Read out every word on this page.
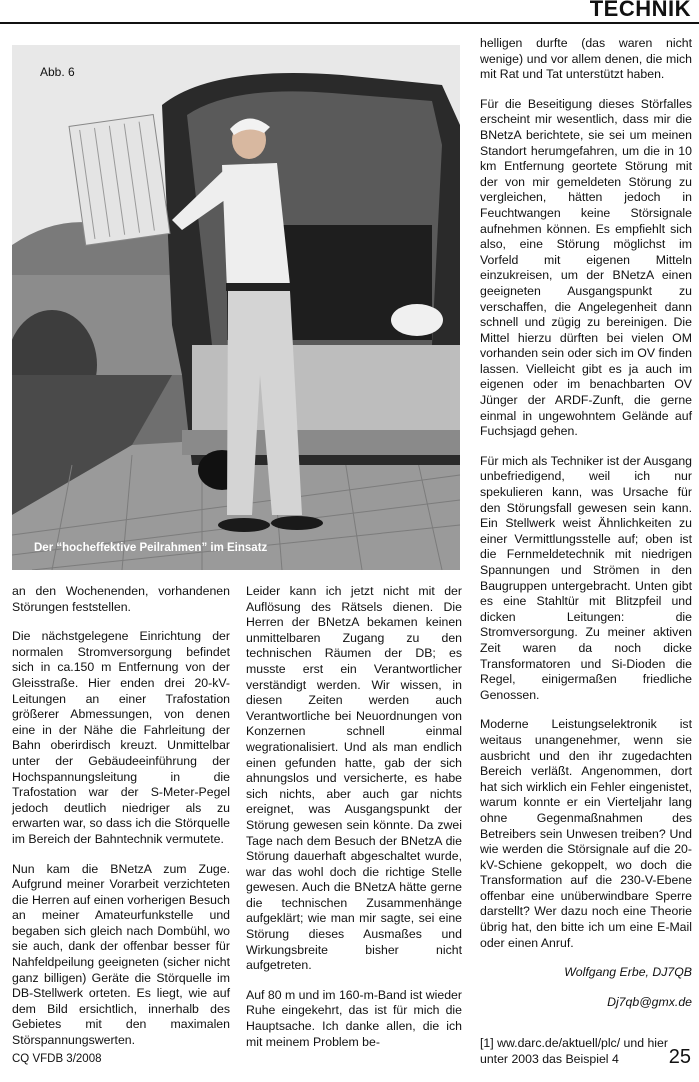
TECHNIK
Abb. 6
Der “hocheffektive Peilrahmen” im Einsatz

an den Wochenenden, vorhandenen Störungen feststellen.

Die nächstgelegene Einrichtung der normalen Stromversorgung befindet sich in ca.150 m Entfernung von der Gleisstraße. Hier enden drei 20-kV-Leitungen an einer Trafostation größerer Abmessungen, von denen eine in der Nähe die Fahrleitung der Bahn oberirdisch kreuzt. Unmittelbar unter der Gebäudeeinführung der Hochspannungsleitung in die Trafostation war der S-Meter-Pegel jedoch deutlich niedriger als zu erwarten war, so dass ich die Störquelle im Bereich der Bahntechnik vermutete.

Nun kam die BNetzA zum Zuge. Aufgrund meiner Vorarbeit verzichteten die Herren auf einen vorherigen Besuch an meiner Amateurfunkstelle und begaben sich gleich nach Dombühl, wo sie auch, dank der offenbar besser für Nahfeldpeilung geeigneten (sicher nicht ganz billigen) Geräte die Störquelle im DB-Stellwerk orteten. Es liegt, wie auf dem Bild ersichtlich, innerhalb des Gebietes mit den maximalen Störspannungswerten.

Leider kann ich jetzt nicht mit der Auflösung des Rätsels dienen. Die Herren der BNetzA bekamen keinen unmittelbaren Zugang zu den technischen Räumen der DB; es musste erst ein Verantwortlicher verständigt werden. Wir wissen, in diesen Zeiten werden auch Verantwortliche bei Neuordnungen von Konzernen schnell einmal wegrationalisiert. Und als man endlich einen gefunden hatte, gab der sich ahnungslos und versicherte, es habe sich nichts, aber auch gar nichts ereignet, was Ausgangspunkt der Störung gewesen sein könnte. Da zwei Tage nach dem Besuch der BNetzA die Störung dauerhaft abgeschaltet wurde, war das wohl doch die richtige Stelle gewesen. Auch die BNetzA hätte gerne die technischen Zusammenhänge aufgeklärt; wie man mir sagte, sei eine Störung dieses Ausmaßes und Wirkungsbreite bisher nicht aufgetreten.

Auf 80 m und im 160-m-Band ist wieder Ruhe eingekehrt, das ist für mich die Hauptsache. Ich danke allen, die ich mit meinem Problem be-

helligen durfte (das waren nicht wenige) und vor allem denen, die mich mit Rat und Tat unterstützt haben.

Für die Beseitigung dieses Störfalles erscheint mir wesentlich, dass mir die BNetzA berichtete, sie sei um meinen Standort herumgefahren, um die in 10 km Entfernung geortete Störung mit der von mir gemeldeten Störung zu vergleichen, hätten jedoch in Feuchtwangen keine Störsignale aufnehmen können. Es empfiehlt sich also, eine Störung möglichst im Vorfeld mit eigenen Mitteln einzukreisen, um der BNetzA einen geeigneten Ausgangspunkt zu verschaffen, die Angelegenheit dann schnell und zügig zu bereinigen. Die Mittel hierzu dürften bei vielen OM vorhanden sein oder sich im OV finden lassen. Vielleicht gibt es ja auch im eigenen oder im benachbarten OV Jünger der ARDF-Zunft, die gerne einmal in ungewohntem Gelände auf Fuchsjagd gehen.

Für mich als Techniker ist der Ausgang unbefriedigend, weil ich nur spekulieren kann, was Ursache für den Störungsfall gewesen sein kann. Ein Stellwerk weist Ähnlichkeiten zu einer Vermittlungsstelle auf; oben ist die Fernmeldetechnik mit niedrigen Spannungen und Strömen in den Baugruppen untergebracht. Unten gibt es eine Stahltür mit Blitzpfeil und dicken Leitungen: die Stromversorgung. Zu meiner aktiven Zeit waren da noch dicke Transformatoren und Si-Dioden die Regel, einigermaßen friedliche Genossen.

Moderne Leistungselektronik ist weitaus unangenehmer, wenn sie ausbricht und den ihr zugedachten Bereich verläßt. Angenommen, dort hat sich wirklich ein Fehler eingenistet, warum konnte er ein Vierteljahr lang ohne Gegenmaßnahmen des Betreibers sein Unwesen treiben? Und wie werden die Störsignale auf die 20-kV-Schiene gekoppelt, wo doch die Transformation auf die 230-V-Ebene offenbar eine unüberwindbare Sperre darstellt? Wer dazu noch eine Theorie übrig hat, den bitte ich um eine E-Mail oder einen Anruf.

Wolfgang Erbe, DJ7QB

Dj7qb@gmx.de

[1] ww.darc.de/aktuell/plc/ und hier unter 2003 das Beispiel 4

CQ VFDB 3/2008	25
